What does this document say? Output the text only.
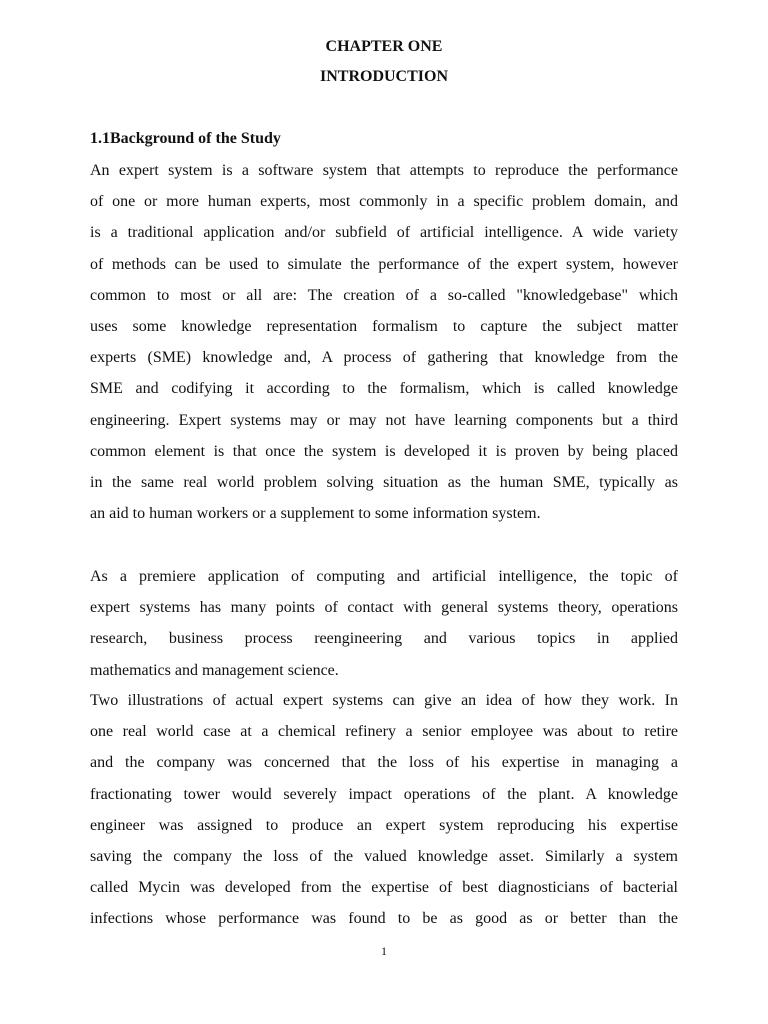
CHAPTER ONE
INTRODUCTION
1.1Background of the Study
An expert system is a software system that attempts to reproduce the performance
of one or more human experts, most commonly in a specific problem domain, and
is a traditional application and/or subfield of artificial intelligence. A wide variety
of methods can be used to simulate the performance of the expert system, however
common to most or all are: The creation of a so-called "knowledgebase" which
uses some knowledge representation formalism to capture the subject matter
experts (SME) knowledge and, A process of gathering that knowledge from the
SME and codifying it according to the formalism, which is called knowledge
engineering. Expert systems may or may not have learning components but a third
common element is that once the system is developed it is proven by being placed
in the same real world problem solving situation as the human SME, typically as
an aid to human workers or a supplement to some information system.
As a premiere application of computing and artificial intelligence, the topic of
expert systems has many points of contact with general systems theory, operations
research, business process reengineering and various topics in applied
mathematics and management science.
Two illustrations of actual expert systems can give an idea of how they work. In
one real world case at a chemical refinery a senior employee was about to retire
and the company was concerned that the loss of his expertise in managing a
fractionating tower would severely impact operations of the plant. A knowledge
engineer was assigned to produce an expert system reproducing his expertise
saving the company the loss of the valued knowledge asset. Similarly a system
called Mycin was developed from the expertise of best diagnosticians of bacterial
infections whose performance was found to be as good as or better than the
1
